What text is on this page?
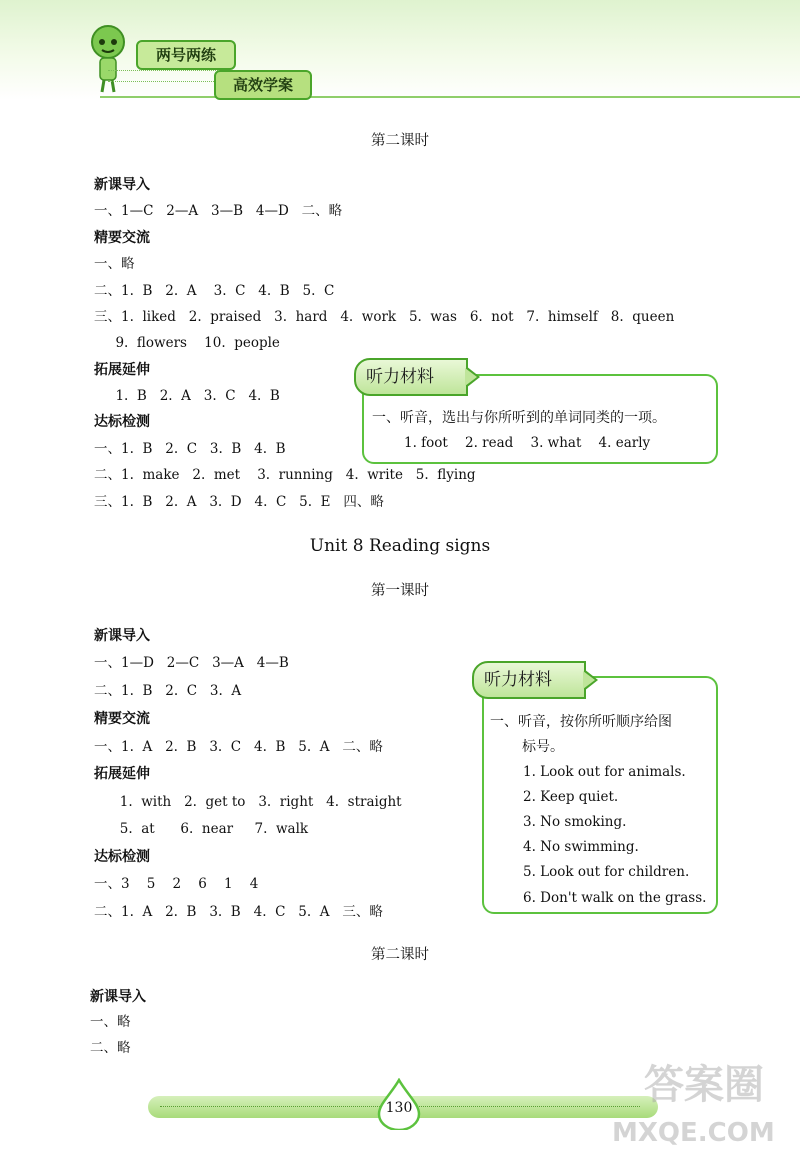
两号两练
高效学案
第二课时
新课导入
一、1—C   2—A   3—B   4—D   二、略
精要交流
一、略
二、1.  B   2.  A    3.  C   4.  B   5.  C
三、1.  liked   2.  praised   3.  hard   4.  work   5.  was   6.  not   7.  himself   8.  queen
9.  flowers    10.  people
拓展延伸
1.  B   2.  A   3.  C   4.  B
达标检测
一、1.  B   2.  C   3.  B   4.  B
二、1.  make   2.  met    3.  running   4.  write   5.  flying
三、1.  B   2.  A   3.  D   4.  C   5.  E   四、略
听力材料
一、听音，选出与你所听到的单词同类的一项。
1. foot    2. read    3. what    4. early
Unit 8 Reading signs
第一课时
新课导入
一、1—D   2—C   3—A   4—B
二、1.  B   2.  C   3.  A
精要交流
一、1.  A   2.  B   3.  C   4.  B   5.  A   二、略
拓展延伸
1.  with   2.  get to   3.  right   4.  straight
5.  at      6.  near     7.  walk
达标检测
一、3    5    2    6    1    4
二、1.  A   2.  B   3.  B   4.  C   5.  A   三、略
听力材料
一、听音，按你所听顺序给图
标号。
1. Look out for animals.
2. Keep quiet.
3. No smoking.
4. No swimming.
5. Look out for children.
6. Don't walk on the grass.
第二课时
新课导入
一、略
二、略
130	答案圈
MXQE.COM
